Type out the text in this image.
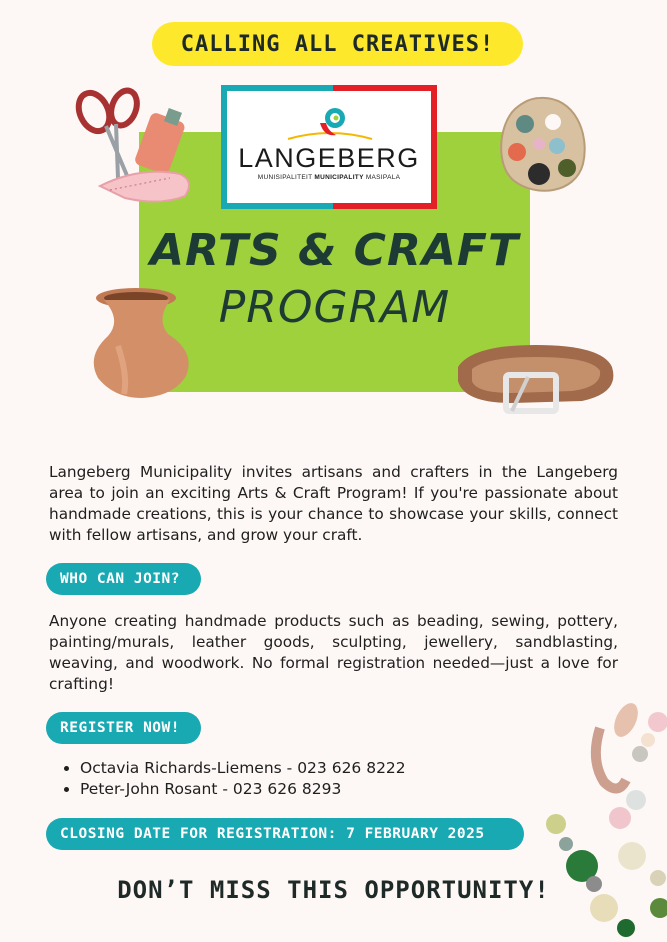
CALLING ALL CREATIVES!
LANGEBERG
MUNISIPALITEIT MUNICIPALITY MASIPALA
ARTS & CRAFT
PROGRAM
Langeberg Municipality invites artisans and crafters in the Langeberg area to join an exciting Arts & Craft Program! If you're passionate about handmade creations, this is your chance to showcase your skills, connect with fellow artisans, and grow your craft.
WHO CAN JOIN?
Anyone creating handmade products such as beading, sewing, pottery, painting/murals, leather goods, sculpting, jewellery, sandblasting, weaving, and woodwork. No formal registration needed—just a love for crafting!
REGISTER NOW!
• Octavia Richards-Liemens - 023 626 8222
• Peter-John Rosant - 023 626 8293
CLOSING DATE FOR REGISTRATION: 7 FEBRUARY 2025
DON’T MISS THIS OPPORTUNITY!
